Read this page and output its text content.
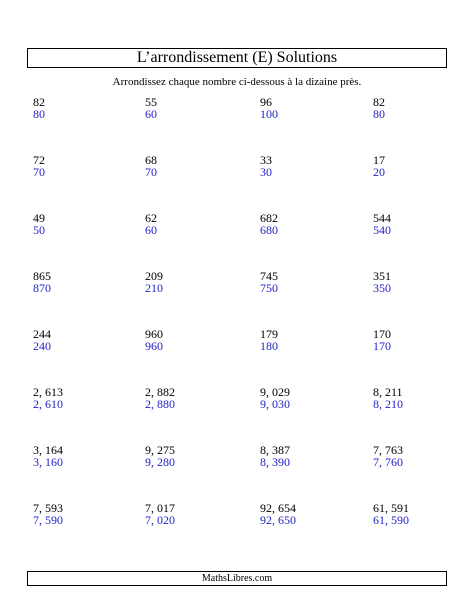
L’arrondissement (E) Solutions
Arrondissez chaque nombre ci-dessous à la dizaine près.
82
80
55
60
96
100
82
80
72
70
68
70
33
30
17
20
49
50
62
60
682
680
544
540
865
870
209
210
745
750
351
350
244
240
960
960
179
180
170
170
2, 613
2, 610
2, 882
2, 880
9, 029
9, 030
8, 211
8, 210
3, 164
3, 160
9, 275
9, 280
8, 387
8, 390
7, 763
7, 760
7, 593
7, 590
7, 017
7, 020
92, 654
92, 650
61, 591
61, 590
MathsLibres.com
